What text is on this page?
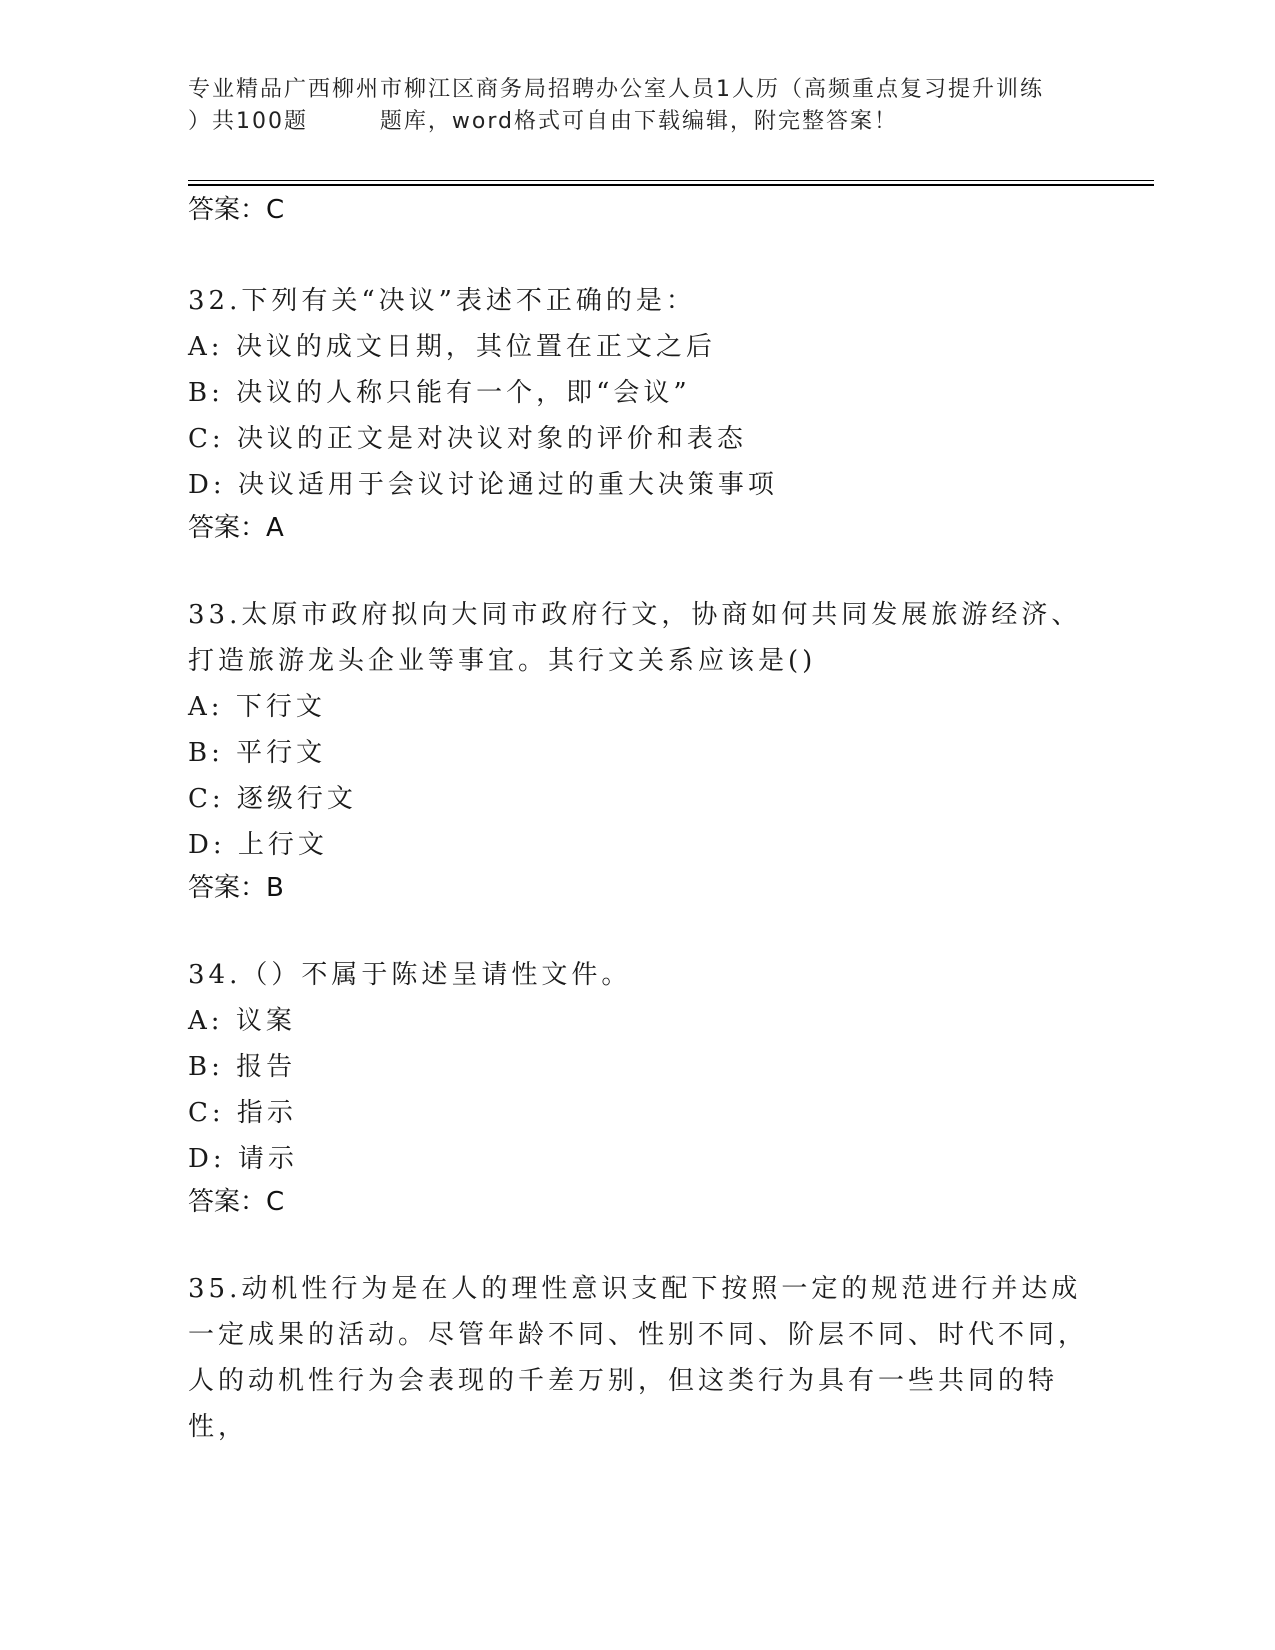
专业精品广西柳州市柳江区商务局招聘办公室人员1人历（高频重点复习提升训练
）共100题        题库，word格式可自由下载编辑，附完整答案！
答案：C
32.下列有关“决议”表述不正确的是：
A: 决议的成文日期，其位置在正文之后
B: 决议的人称只能有一个，即“会议”
C: 决议的正文是对决议对象的评价和表态
D: 决议适用于会议讨论通过的重大决策事项
答案：A
33.太原市政府拟向大同市政府行文，协商如何共同发展旅游经济、打造旅游龙头企业等事宜。其行文关系应该是()
A: 下行文
B: 平行文
C: 逐级行文
D: 上行文
答案：B
34.（）不属于陈述呈请性文件。
A: 议案
B: 报告
C: 指示
D: 请示
答案：C
35.动机性行为是在人的理性意识支配下按照一定的规范进行并达成一定成果的活动。尽管年龄不同、性别不同、阶层不同、时代不同，人的动机性行为会表现的千差万别，但这类行为具有一些共同的特性，
